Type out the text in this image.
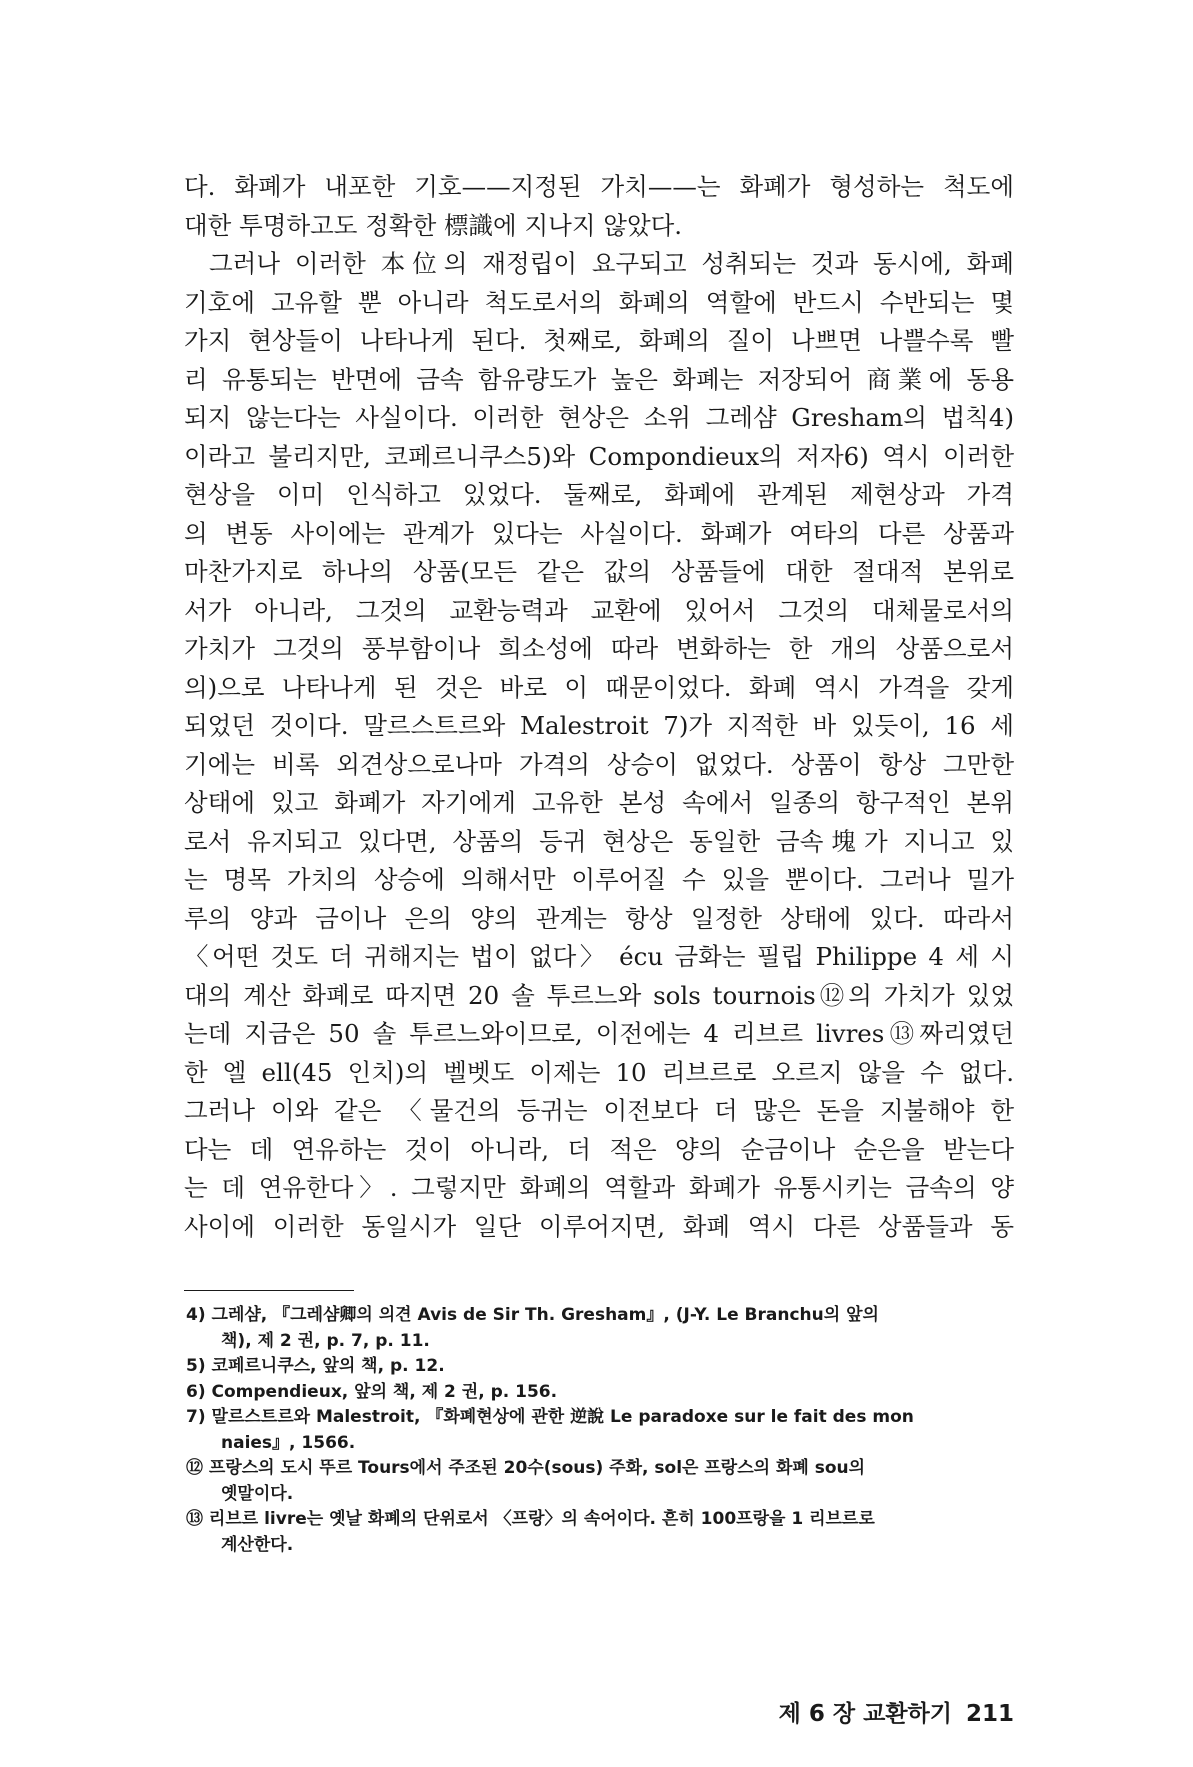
다. 화폐가 내포한 기호——지정된 가치——는 화폐가 형성하는 척도에
대한 투명하고도 정확한 標識에 지나지 않았다.
그러나 이러한 本位의 재정립이 요구되고 성취되는 것과 동시에, 화폐
기호에 고유할 뿐 아니라 척도로서의 화폐의 역할에 반드시 수반되는 몇
가지 현상들이 나타나게 된다. 첫째로, 화폐의 질이 나쁘면 나쁠수록 빨
리 유통되는 반면에 금속 함유량도가 높은 화폐는 저장되어 商業에 동용
되지 않는다는 사실이다. 이러한 현상은 소위 그레샴 Gresham의 법칙4)
이라고 불리지만, 코페르니쿠스5)와 Compondieux의 저자6) 역시 이러한
현상을 이미 인식하고 있었다. 둘째로, 화폐에 관계된 제현상과 가격
의 변동 사이에는 관계가 있다는 사실이다. 화폐가 여타의 다른 상품과
마찬가지로 하나의 상품(모든 같은 값의 상품들에 대한 절대적 본위로
서가 아니라, 그것의 교환능력과 교환에 있어서 그것의 대체물로서의
가치가 그것의 풍부함이나 희소성에 따라 변화하는 한 개의 상품으로서
의)으로 나타나게 된 것은 바로 이 때문이었다. 화폐 역시 가격을 갖게
되었던 것이다. 말르스트르와 Malestroit 7)가 지적한 바 있듯이, 16 세
기에는 비록 외견상으로나마 가격의 상승이 없었다. 상품이 항상 그만한
상태에 있고 화폐가 자기에게 고유한 본성 속에서 일종의 항구적인 본위
로서 유지되고 있다면, 상품의 등귀 현상은 동일한 금속塊가 지니고 있
는 명목 가치의 상승에 의해서만 이루어질 수 있을 뿐이다. 그러나 밀가
루의 양과 금이나 은의 양의 관계는 항상 일정한 상태에 있다. 따라서
〈어떤 것도 더 귀해지는 법이 없다〉 écu 금화는 필립 Philippe 4 세 시
대의 계산 화폐로 따지면 20 솔 투르느와 sols tournois⑫의 가치가 있었
는데 지금은 50 솔 투르느와이므로, 이전에는 4 리브르 livres⑬짜리였던
한 엘 ell(45 인치)의 벨벳도 이제는 10 리브르로 오르지 않을 수 없다.
그러나 이와 같은 〈물건의 등귀는 이전보다 더 많은 돈을 지불해야 한
다는 데 연유하는 것이 아니라, 더 적은 양의 순금이나 순은을 받는다
는 데 연유한다〉. 그렇지만 화폐의 역할과 화폐가 유통시키는 금속의 양
사이에 이러한 동일시가 일단 이루어지면, 화폐 역시 다른 상품들과 동
4) 그레샴, 『그레샴卿의 의견 Avis de Sir Th. Gresham』, (J-Y. Le Branchu의 앞의
책), 제 2 권, p. 7, p. 11.
5) 코페르니쿠스, 앞의 책, p. 12.
6) Compendieux, 앞의 책, 제 2 권, p. 156.
7) 말르스트르와 Malestroit, 『화폐현상에 관한 逆說 Le paradoxe sur le fait des mon
naies』, 1566.
⑫ 프랑스의 도시 뚜르 Tours에서 주조된 20수(sous) 주화, sol은 프랑스의 화폐 sou의
옛말이다.
⑬ 리브르 livre는 옛날 화폐의 단위로서 〈프랑〉의 속어이다. 흔히 100프랑을 1 리브르로
계산한다.
제 6 장 교환하기 211
